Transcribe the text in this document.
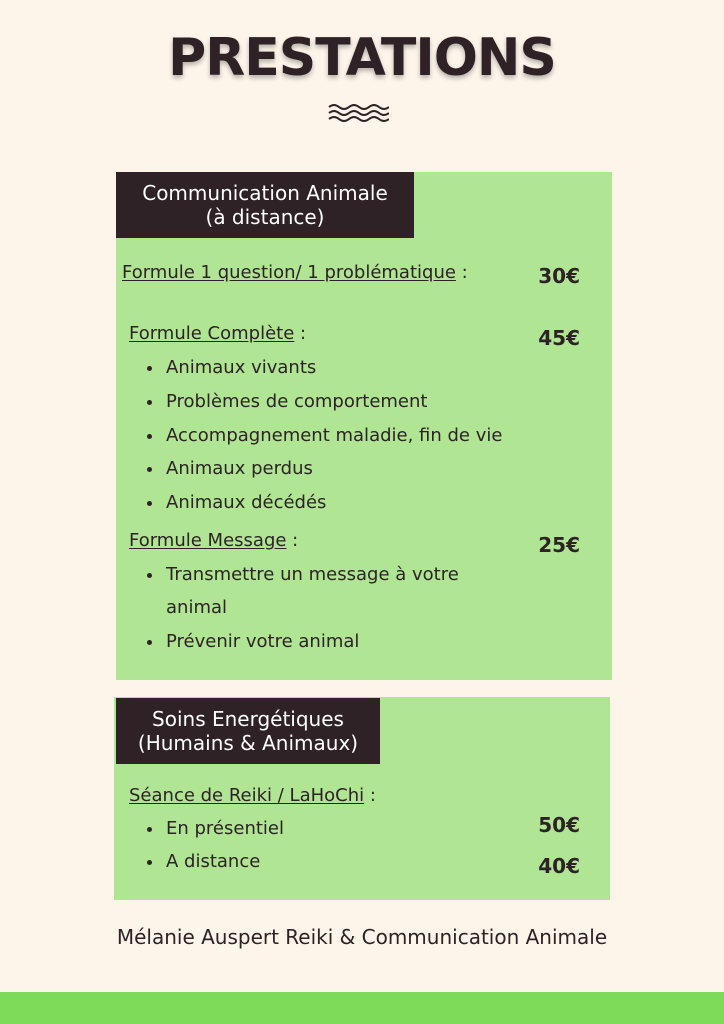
PRESTATIONS
Communication Animale
(à distance)
Formule 1 question/ 1 problématique :	30€
Formule Complète :	45€
Animaux vivants
Problèmes de comportement
Accompagnement maladie, fin de vie
Animaux perdus
Animaux décédés
Formule Message :	25€
Transmettre un message à votre
animal
Prévenir votre animal
Soins Energétiques
(Humains & Animaux)
Séance de Reiki / LaHoChi :
En présentiel	50€
A distance	40€
Mélanie Auspert Reiki & Communication Animale
